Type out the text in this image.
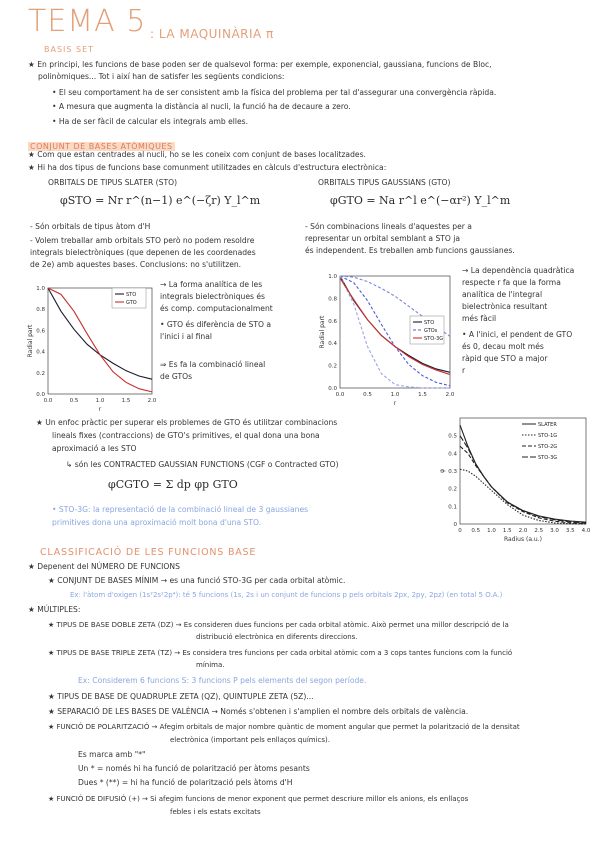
TEMA 5 : LA MAQUINÀRIA π
BASIS SET
★ En principi, les funcions de base poden ser de qualsevol forma: per exemple, exponencial, gaussiana, funcions de Bloc,
polinòmiques... Tot i així han de satisfer les següents condicions:
• El seu comportament ha de ser consistent amb la física del problema per tal d'assegurar una convergència ràpida.
• A mesura que augmenta la distància al nucli, la funció ha de decaure a zero.
• Ha de ser fàcil de calcular els integrals amb elles.
CONJUNT DE BASES ATÒMIQUES
★ Com que estan centrades al nucli, ho se les coneix com conjunt de bases localitzades.
★ Hi ha dos tipus de funcions base comunment utilitzades en càlculs d'estructura electrònica:
ORBITALS DE TIPUS SLATER (STO)	ORBITALS TIPUS GAUSSIANS (GTO)
φSTO = Nr r^(n−1) e^(−ζr) Y_l^m	φGTO = Na r^l e^(−αr²) Y_l^m
- Són orbitals de tipus àtom d'H
- Volem treballar amb orbitals STO però no podem resoldre
integrals bielectròniques (que depenen de les coordenades
de 2e) amb aquestes bases. Conclusions: no s'utilitzen.
- Són combinacions lineals d'aquestes per a
representar un orbital semblant a STO ja
és independent. Es treballen amb funcions gaussianes.
0.0	0.5	1.0	1.5	2.0
0.0
0.2
0.4
0.6
0.8
1.0
r
Radial part
STO
GTO
→ La forma analítica de les
integrals bielectròniques és
és comp. computacionalment
• GTO és diferència de STO a
l'inici i al final
⇒ Es fa la combinació lineal
de GTOs
0.0	0.5	1.0	1.5	2.0
0.0
0.2
0.4
0.6
0.8
1.0
r
Radial part	STO
GTOs
STO-3G
→ La dependència quadràtica
respecte r fa que la forma
analítica de l'integral
bielectrònica resultant
més fàcil
• A l'inici, el pendent de GTO
és 0, decau molt més
ràpid que STO a major
r
★ Un enfoc pràctic per superar els problemes de GTO és utilitzar combinacions
lineals fixes (contraccions) de GTO's primitives, el qual dona una bona
aproximació a les STO
↳ són les CONTRACTED GAUSSIAN FUNCTIONS (CGF o Contracted GTO)
φCGTO = Σ dp φp GTO
• STO-3G: la representació de la combinació lineal de 3 gaussianes
primitives dona una aproximació molt bona d'una STO.
0 0.5 1.0 1.5 2.0 2.5 3.0 3.5 4.0
0
0.1
0.2
0.3
0.4
0.5
Radius (a.u.)
φ
SLATER
STO-1G
STO-2G
STO-3G
CLASSIFICACIÓ DE LES FUNCIONS BASE
★ Depenent del NÚMERO DE FUNCIONS
★ CONJUNT DE BASES MÍNIM → es una funció STO-3G per cada orbital atòmic.
Ex: l'àtom d'oxigen (1s²2s²2p⁴): té 5 funcions (1s, 2s i un conjunt de funcions p pels orbitals 2px, 2py, 2pz) (en total 5 O.A.)
★ MÚLTIPLES:
★ TIPUS DE BASE DOBLE ZETA (DZ) → Es consideren dues funcions per cada orbital atòmic. Això permet una millor descripció de la
distribució electrònica en diferents direccions.
★ TIPUS DE BASE TRIPLE ZETA (TZ) → Es considera tres funcions per cada orbital atòmic com a 3 cops tantes funcions com la funció
mínima.
Ex: Considerem 6 funcions S: 3 funcions P pels elements del segon període.
★ TIPUS DE BASE DE QUADRUPLE ZETA (QZ), QUINTUPLE ZETA (5Z)...
★ SEPARACIÓ DE LES BASES DE VALÈNCIA → Només s'obtenen i s'amplien el nombre dels orbitals de valència.
★ FUNCIÓ DE POLARITZACIÓ → Afegim orbitals de major nombre quàntic de moment angular que permet la polarització de la densitat
electrònica (important pels enllaços químics).
Es marca amb "*"
Un * = només hi ha funció de polarització per àtoms pesants
Dues * (**) = hi ha funció de polarització pels àtoms d'H
★ FUNCIÓ DE DIFUSIÓ (+) → Si afegim funcions de menor exponent que permet descriure millor els anions, els enllaços
febles i els estats excitats
